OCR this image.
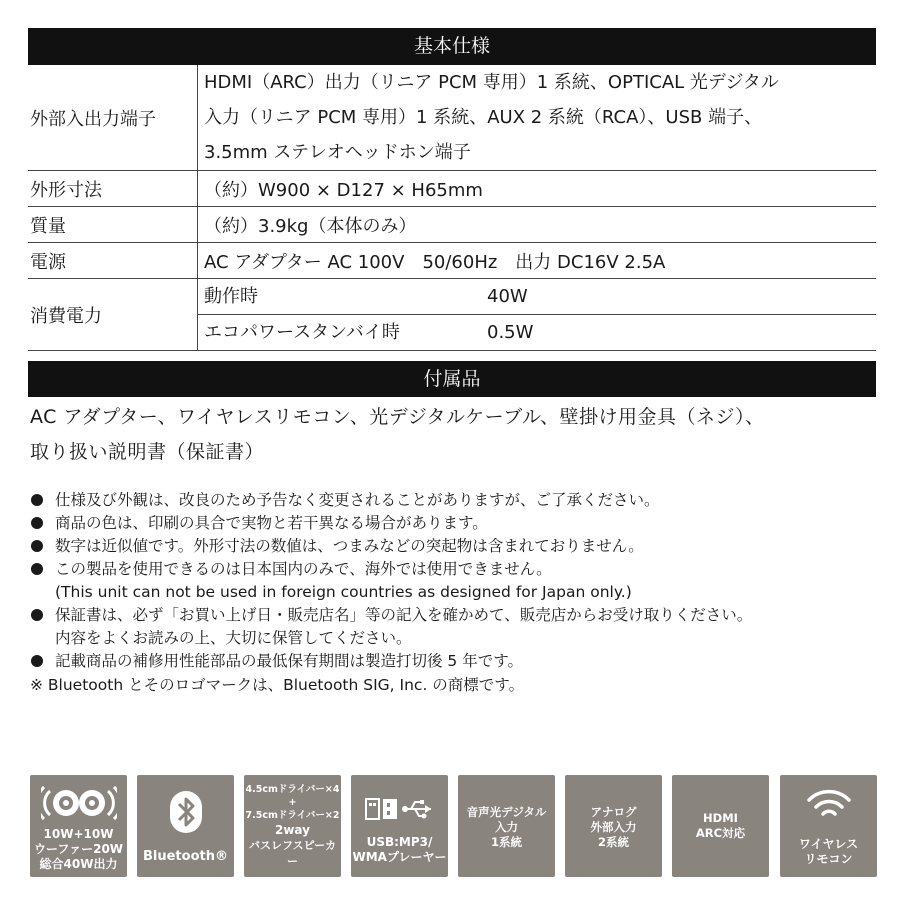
基本仕様
外部入出力端子	HDMI（ARC）出力（リニア PCM 専用）1 系統、OPTICAL 光デジタル
入力（リニア PCM 専用）1 系統、AUX 2 系統（RCA）、USB 端子、
3.5mm ステレオヘッドホン端子

外形寸法	（約）W900 × D127 × H65mm
質量	（約）3.9kg（本体のみ）
電源	AC アダプター AC 100V　50/60Hz　出力 DC16V 2.5A
消費電力	動作時 40W
エコパワースタンバイ時 0.5W
付属品
AC アダプター、ワイヤレスリモコン、光デジタルケーブル、壁掛け用金具（ネジ）、
取り扱い説明書（保証書）
仕様及び外観は、改良のため予告なく変更されることがありますが、ご了承ください。
商品の色は、印刷の具合で実物と若干異なる場合があります。
数字は近似値です。外形寸法の数値は、つまみなどの突起物は含まれておりません。
この製品を使用できるのは日本国内のみで、海外では使用できません。
(This unit can not be used in foreign countries as designed for Japan only.)
保証書は、必ず「お買い上げ日・販売店名」等の記入を確かめて、販売店からお受け取りください。
内容をよくお読みの上、大切に保管してください。
記載商品の補修用性能部品の最低保有期間は製造打切後 5 年です。
※ Bluetooth とそのロゴマークは、Bluetooth SIG, Inc. の商標です。
10W+10W
ウーファー20W
総合40W出力	Bluetooth®
4.5cmドライバー×4
+
7.5cmドライバー×2
2way
バスレフスピーカー
USB:MP3/
WMAプレーヤー
音声光デジタル
入力
1系統
アナログ
外部入力
2系統
HDMI
ARC対応
ワイヤレス
リモコン
